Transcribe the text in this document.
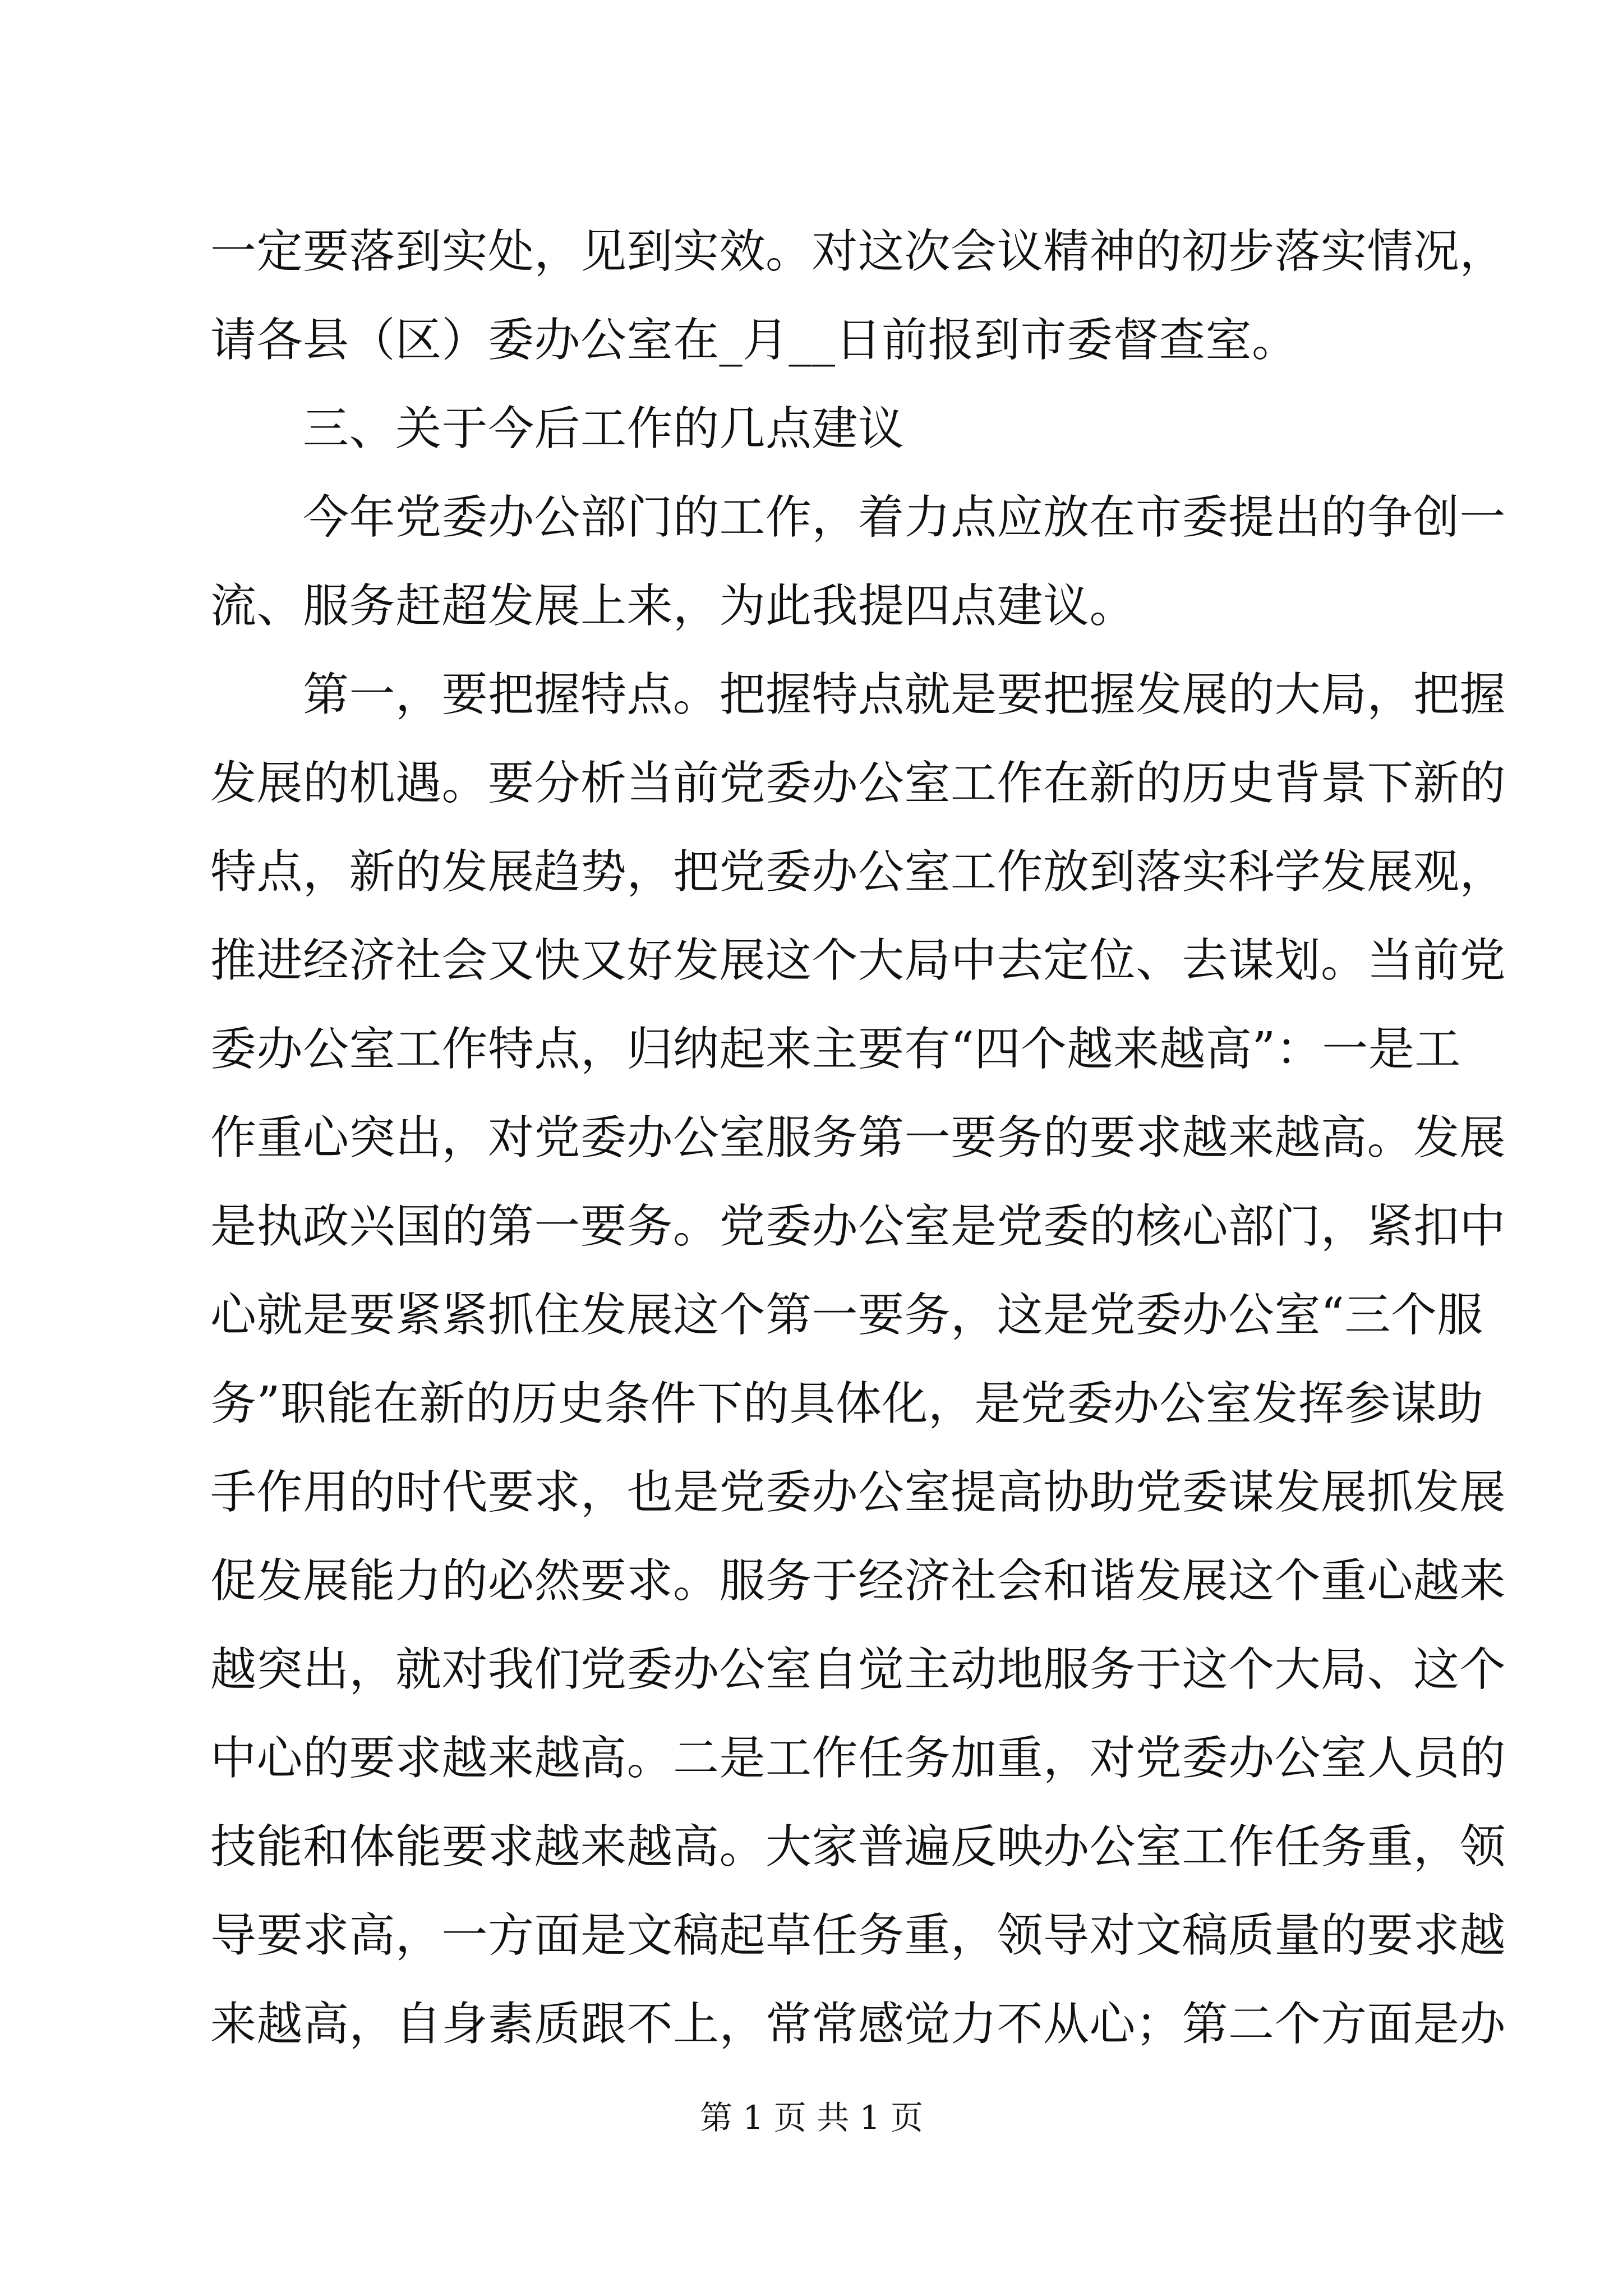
一定要落到实处，见到实效。对这次会议精神的初步落实情况，
请各县（区）委办公室在_月__日前报到市委督查室。
三、关于今后工作的几点建议
今年党委办公部门的工作，着力点应放在市委提出的争创一
流、服务赶超发展上来，为此我提四点建议。
第一，要把握特点。把握特点就是要把握发展的大局，把握
发展的机遇。要分析当前党委办公室工作在新的历史背景下新的
特点，新的发展趋势，把党委办公室工作放到落实科学发展观，
推进经济社会又快又好发展这个大局中去定位、去谋划。当前党
委办公室工作特点，归纳起来主要有“四个越来越高”：一是工
作重心突出，对党委办公室服务第一要务的要求越来越高。发展
是执政兴国的第一要务。党委办公室是党委的核心部门，紧扣中
心就是要紧紧抓住发展这个第一要务，这是党委办公室“三个服
务”职能在新的历史条件下的具体化，是党委办公室发挥参谋助
手作用的时代要求，也是党委办公室提高协助党委谋发展抓发展
促发展能力的必然要求。服务于经济社会和谐发展这个重心越来
越突出，就对我们党委办公室自觉主动地服务于这个大局、这个
中心的要求越来越高。二是工作任务加重，对党委办公室人员的
技能和体能要求越来越高。大家普遍反映办公室工作任务重，领
导要求高，一方面是文稿起草任务重，领导对文稿质量的要求越
来越高，自身素质跟不上，常常感觉力不从心；第二个方面是办
第 1 页 共 1 页
